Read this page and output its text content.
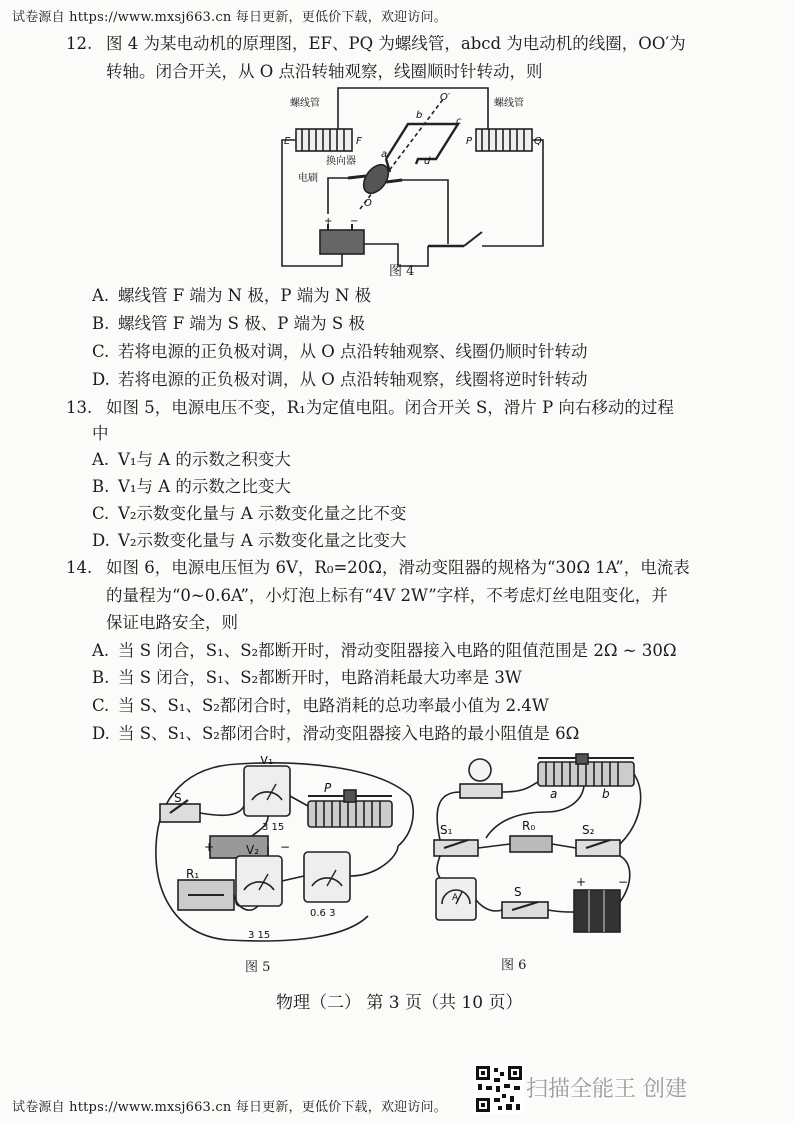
试卷源自 https://www.mxsj663.cn 每日更新，更低价下载，欢迎访问。
12. 图 4 为某电动机的原理图，EF、PQ 为螺线管，abcd 为电动机的线圈，OO′为
转轴。闭合开关，从 O 点沿转轴观察，线圈顺时针转动，则
螺线管	螺线管
E	F	P	Q
b
c
d
a
O′
O
换向器
电刷
+ −
图 4
A. 螺线管 F 端为 N 极，P 端为 N 极
B. 螺线管 F 端为 S 极、P 端为 S 极
C. 若将电源的正负极对调，从 O 点沿转轴观察、线圈仍顺时针转动
D. 若将电源的正负极对调，从 O 点沿转轴观察，线圈将逆时针转动
13. 如图 5，电源电压不变，R₁为定值电阻。闭合开关 S，滑片 P 向右移动的过程
中
A. V₁与 A 的示数之积变大
B. V₁与 A 的示数之比变大
C. V₂示数变化量与 A 示数变化量之比不变
D. V₂示数变化量与 A 示数变化量之比变大
14. 如图 6，电源电压恒为 6V，R₀=20Ω，滑动变阻器的规格为“30Ω 1A”，电流表
的量程为“0~0.6A”，小灯泡上标有“4V 2W”字样，不考虑灯丝电阻变化，并
保证电路安全，则
A. 当 S 闭合，S₁、S₂都断开时，滑动变阻器接入电路的阻值范围是 2Ω ~ 30Ω
B. 当 S 闭合，S₁、S₂都断开时，电路消耗最大功率是 3W
C. 当 S、S₁、S₂都闭合时，电路消耗的总功率最小值为 2.4W
D. 当 S、S₁、S₂都闭合时，滑动变阻器接入电路的最小阻值是 6Ω
V₁
S
P
R₁
V₂
+	−
3 15
0.6 3
3 15
图 5
a	b
S₁	R₀	S₂
S
A
+	−
图 6
物理（二） 第 3 页（共 10 页）
扫描全能王 创建
试卷源自 https://www.mxsj663.cn 每日更新，更低价下载，欢迎访问。
